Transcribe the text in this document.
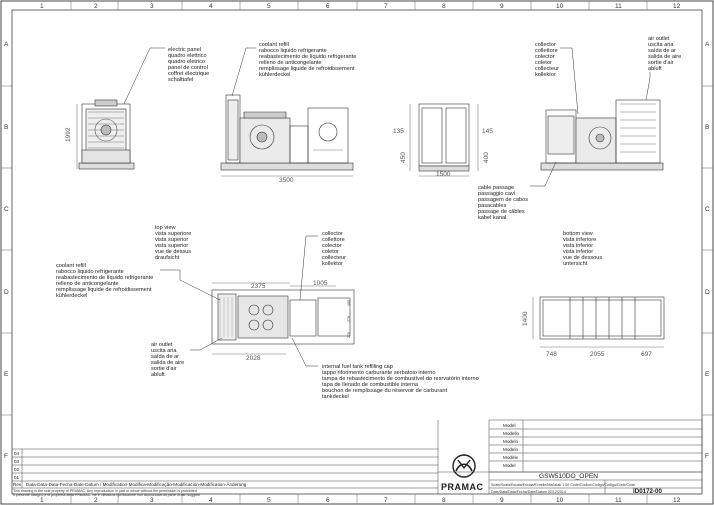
1	2	3	4	5	6	7	8	9	10	11	12
1	2	3	4	5	6	7	8	9	10	11	12
A
B
C
D
E
F
A
B
C
D
E
F
1992
electric panel
quadro elettrico
quadro eletrico
panel de control
coffret électrique
schalttafel
3500
coolant refill
rabocco liquido refrigerante
reabastecimento de líquido refrigerante
relleno de anticongelante
remplissage liquide de refroidissement
kühlerdeckel
135	145
450	400
1500
collector
collettore
colector
coletor
collecteur
kollektor
air outlet
uscita aria
saída de ar
salida de aire
sortie d'air
abluft
cable passage
passaggio cavi
passagem de cabos
pasacables
passage de câbles
kabel kanal
top view
vista superiore
vista superior
vista superior
vue de dessus
draufsicht
2375	1005
2028
105
270
270
collector
collettore
colector
coletor
collecteur
kollektor
coolant refill
rabocco liquido refrigerante
reabastecimento de líquido refrigerante
relleno de anticongelante
remplissage liquide de refroidissement
kühlerdeckel
air outlet
uscita aria
saída de ar
salida de aire
sortie d'air
abluft
internal fuel tank refilling cap
tappo riforimento carburante serbatoio interno
tampa de rebastecimento de combustível do resrvatório interno
tapa de llenado de combustible interna
bouchon de remplissage du réservoir de carburant
tankdeckel
bottom view
vista inferiore
vista inferior
vista inferior
vue de dessous
untersicht
1400
748	2055	697
04
03
02
01
Rev Data-Data-Data-Fecha-Date-Datum / Modification-Modifica-Modificação-Modificación-Modification-Änderung
This drawing is the sole property of PRAMAC. Any reproduction in part or whole without the permission is prohibited
Il presente disegno è di proprietà della PRAMAC. Ne è vietata la riproduzione non autorizzata da parte di altri soggetti
Model
Modello
Modelo
Modelo
Modèle
Model
GSW510DO_OPEN
Scale/Scala/Escala/Escala/Echelle/Maßstab 1:50 Code/Codice/Código/Código/Code/Code
Date/Data/Data/Fecha/Date/Datum 02/12/2014	ID0172-00
PRAMAC
